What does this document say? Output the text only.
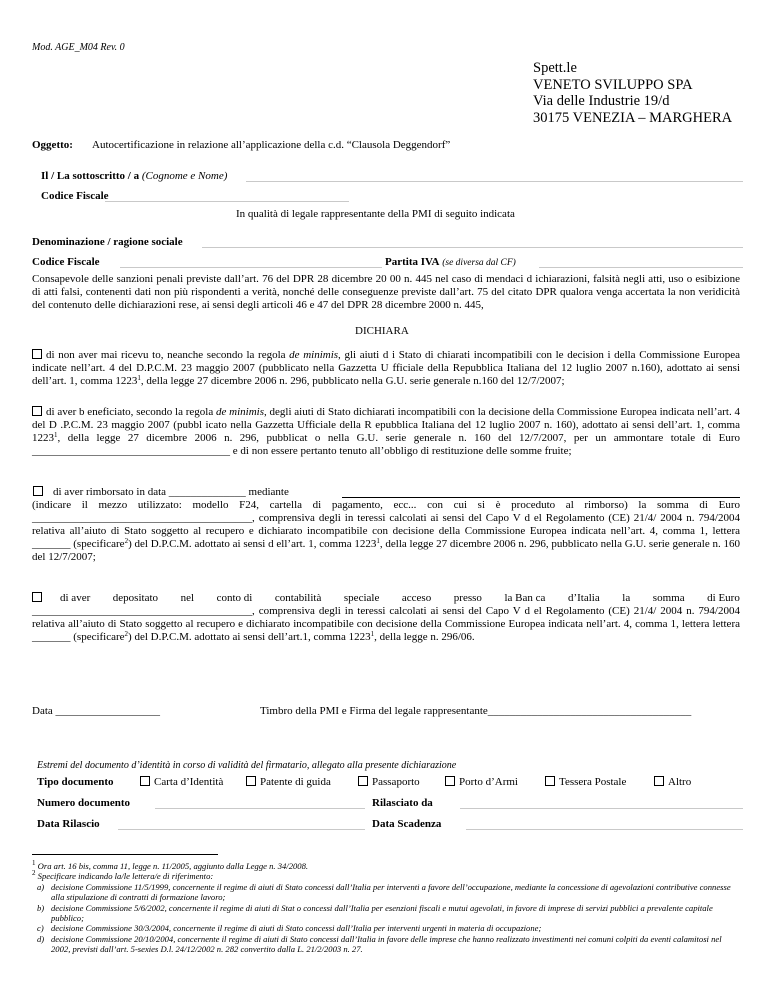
Mod. AGE_M04 Rev. 0
Spett.le
VENETO SVILUPPO SPA
Via delle Industrie 19/d
30175 VENEZIA – MARGHERA
Oggetto: Autocertificazione in relazione all’applicazione della c.d. “Clausola Deggendorf”
Il / La sottoscritto / a (Cognome e Nome)
Codice Fiscale
In qualità di legale rappresentante della PMI di seguito indicata
Denominazione / ragione sociale
Codice Fiscale	Partita IVA (se diversa dal CF)
Consapevole delle sanzioni penali previste dall’art. 76 del DPR 28 dicembre 20 00 n. 445 nel caso di mendaci d ichiarazioni, falsità negli atti, uso o esibizione di atti falsi, contenenti dati non più rispondenti a verità, nonché delle conseguenze previste dall’art. 75 del citato DPR qualora venga accertata la non veridicità del contenuto delle dichiarazioni rese, ai sensi degli articoli 46 e 47 del DPR 28 dicembre 2000 n. 445,
DICHIARA
di non aver mai ricevu to, neanche secondo la regola de minimis, gli aiuti d i Stato di chiarati incompatibili con le decision i della Commissione Europea indicate nell’art. 4 del D.P.C.M. 23 maggio 2007 (pubblicato nella Gazzetta U fficiale della Repubblica Italiana del 12 luglio 2007 n.160), adottato ai sensi dell’art. 1, comma 1223$^1$, della legge 27 dicembre 2006 n. 296, pubblicato nella G.U. serie generale n.160 del 12/7/2007;
di aver b eneficiato, secondo la regola de minimis, degli aiuti di Stato dichiarati incompatibili con la decisione della Commissione Europea indicata nell’art. 4 del D .P.C.M. 23 maggio 2007 (pubbl icato nella Gazzetta Ufficiale della R epubblica Italiana del 12 luglio 2007 n. 160), adottato ai sensi dell’art. 1, comma 1223$^1$, della legge 27 dicembre 2006 n. 296, pubblicat o nella G.U. serie generale n. 160 del 12/7/2007, per un ammontare totale di Euro ____________________________________ e di non essere pertanto tenuto all’obbligo di restituzione delle somme fruite;
di aver rimborsato in data ______________ mediante
(indicare il mezzo utilizzato: modello F24, cartella di pagamento, ecc... con cui si è proceduto al rimborso) la somma di Euro ________________________________________, comprensiva degli in teressi calcolati ai sensi del Capo V d el Regolamento (CE) 21/4/ 2004 n. 794/2004 relativa all’aiuto di Stato soggetto al recupero e dichiarato incompatibile con decisione della Commissione Europea indicata nell’art. 4, comma 1, lettera _______ (specificare$^2$) del D.P.C.M. adottato ai sensi d ell’art. 1, comma 1223$^1$, della legge 27 dicembre 2006 n. 296, pubblicato nella G.U. serie generale n. 160 del 12/7/2007;
di aver depositato nel conto di contabilità speciale acceso presso la Ban ca d’Italia la somma di Euro
________________________________________, comprensiva degli in teressi calcolati ai sensi del Capo V d el Regolamento (CE) 21/4/ 2004 n. 794/2004 relativa all’aiuto di Stato soggetto al recupero e dichiarato incompatibile con decisione della Commissione Europea indicata nell’art. 4, comma 1, lettera lettera _______ (specificare$^2$) del D.P.C.M. adottato ai sensi dell’art.1, comma 1223$^1$, della legge n. 296/06.
Data ___________________	Timbro della PMI e Firma del legale rappresentante_____________________________________
Estremi del documento d’identità in corso di validità del firmatario, allegato alla presente dichiarazione
Tipo documento	Carta d’Identità	Patente di guida	Passaporto	Porto d’Armi	Tessera Postale	Altro
Numero documento	Rilasciato da
Data Rilascio	Data Scadenza
$^1$ Ora art. 16 bis, comma 11, legge n. 11/2005, aggiunto dalla Legge n. 34/2008.
$^2$ Specificare indicando la/le lettera/e di riferimento:
a) decisione Commissione 11/5/1999, concernente il regime di aiuti di Stato concessi dall’Italia per interventi a favore dell’occupazione, mediante la concessione di agevolazioni contributive connesse alla stipulazione di contratti di formazione lavoro;
b) decisione Commissione 5/6/2002, concernente il regime di aiuti di Stat o concessi dall’Italia per esenzioni fiscali e mutui agevolati, in favore di imprese di servizi pubblici a prevalente capitale pubblico;
c) decisione Commissione 30/3/2004, concernente il regime di aiuti di Stato concessi dall’Italia per interventi urgenti in materia di occupazione;
d) decisione Commissione 20/10/2004, concernente il regime di aiuti di Stato concessi dall’Italia in favore delle imprese che hanno realizzato investimenti nei comuni colpiti da eventi calamitosi nel 2002, previsti dall’art. 5-sexies D.l. 24/12/2002 n. 282 convertito dalla L. 21/2/2003 n. 27.
